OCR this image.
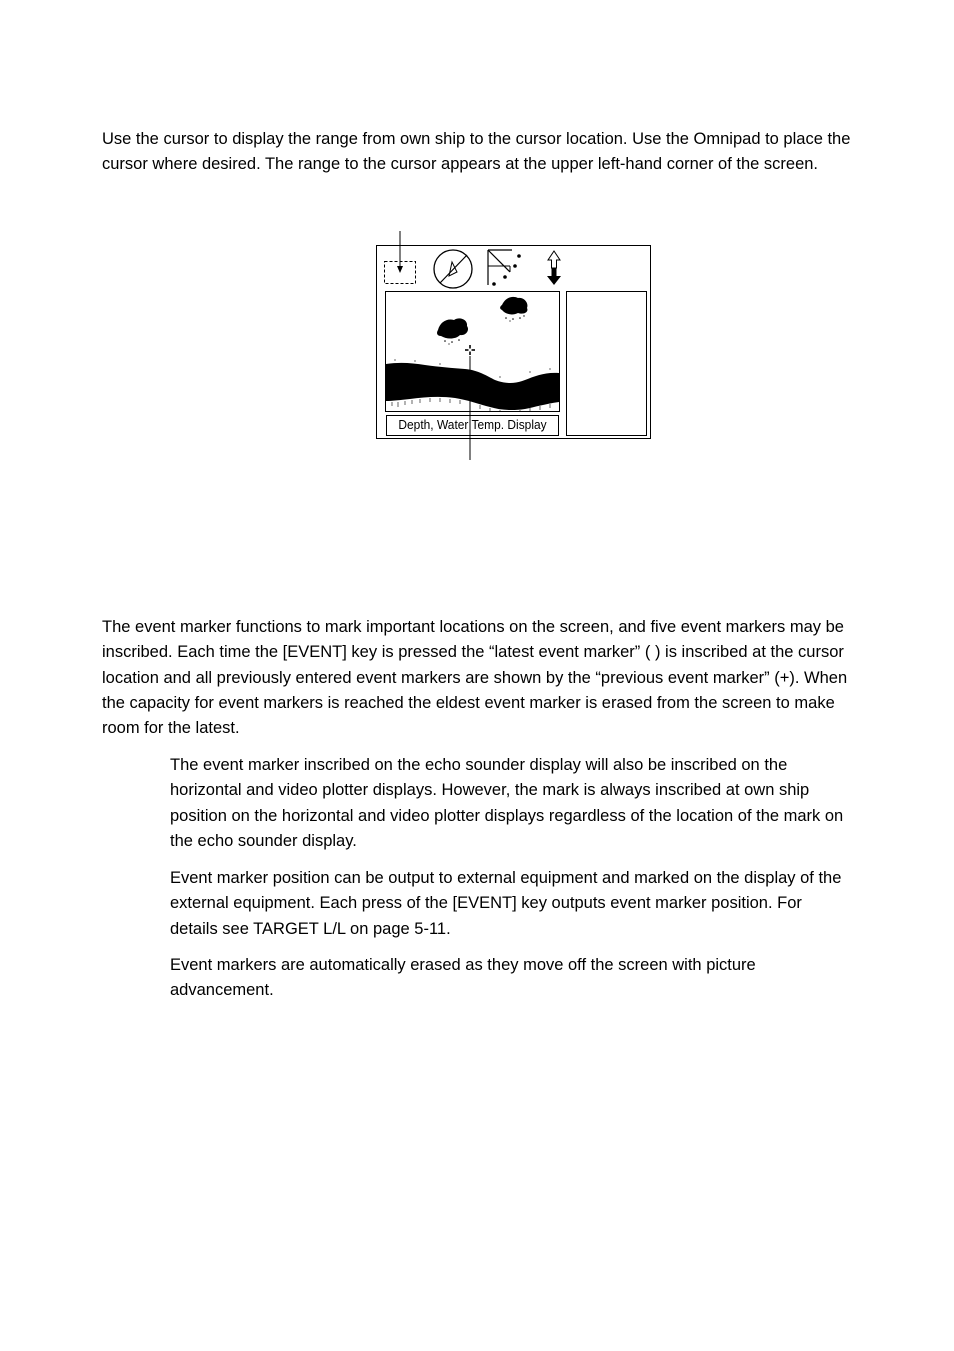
Use the cursor to display the range from own ship to the cursor location. Use the Omnipad to place the cursor where desired. The range to the cursor appears at the upper left-hand corner of the screen.

Depth, Water Temp. Display

The event marker functions to mark important locations on the screen, and five event markers may be inscribed. Each time the [EVENT] key is pressed the “latest event marker” ( ) is inscribed at the cursor location and all previously entered event markers are shown by the “previous event marker” (+). When the capacity for event markers is reached the eldest event marker is erased from the screen to make room for the latest.

The event marker inscribed on the echo sounder display will also be inscribed on the horizontal and video plotter displays. However, the mark is always inscribed at own ship position on the horizontal and video plotter displays regardless of the location of the mark on the echo sounder display.

Event marker position can be output to external equipment and marked on the display of the external equipment. Each press of the [EVENT] key outputs event marker position. For details see TARGET L/L on page 5-11.

Event markers are automatically erased as they move off the screen with picture advancement.
